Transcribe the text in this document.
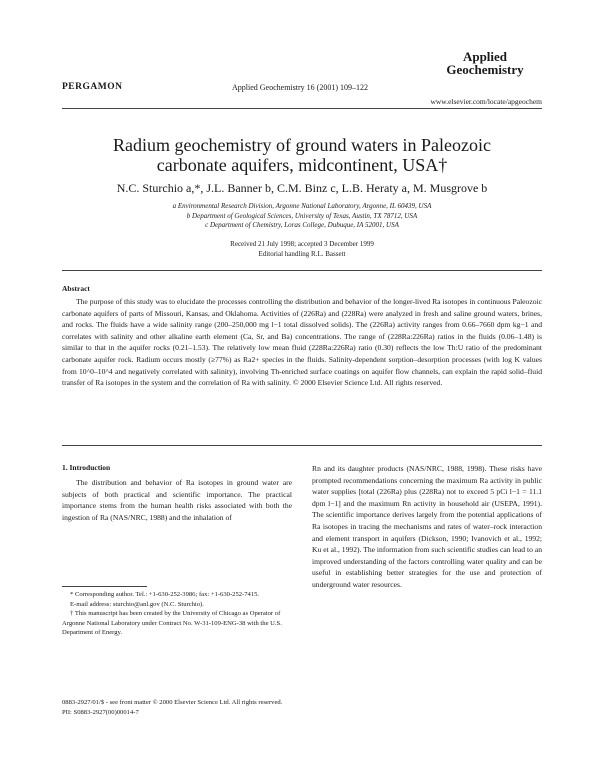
Applied
Geochemistry
PERGAMON	Applied Geochemistry 16 (2001) 109–122
www.elsevier.com/locate/apgeochem
Radium geochemistry of ground waters in Paleozoic
carbonate aquifers, midcontinent, USA†
N.C. Sturchio a,*, J.L. Banner b, C.M. Binz c, L.B. Heraty a, M. Musgrove b
a Environmental Research Division, Argonne National Laboratory, Argonne, IL 60439, USA
b Department of Geological Sciences, University of Texas, Austin, TX 78712, USA
c Department of Chemistry, Loras College, Dubuque, IA 52001, USA
Received 21 July 1998; accepted 3 December 1999
Editorial handling R.L. Bassett
Abstract

The purpose of this study was to elucidate the processes controlling the distribution and behavior of the longer-lived Ra isotopes in continuous Paleozoic carbonate aquifers of parts of Missouri, Kansas, and Oklahoma. Activities of (226Ra) and (228Ra) were analyzed in fresh and saline ground waters, brines, and rocks. The fluids have a wide salinity range (200–250,000 mg l−1 total dissolved solids). The (226Ra) activity ranges from 0.66–7660 dpm kg−1 and correlates with salinity and other alkaline earth element (Ca, Sr, and Ba) concentrations. The range of (228Ra:226Ra) ratios in the fluids (0.06–1.48) is similar to that in the aquifer rocks (0.21–1.53). The relatively low mean fluid (228Ra:226Ra) ratio (0.30) reflects the low Th:U ratio of the predominant carbonate aquifer rock. Radium occurs mostly (≥77%) as Ra2+ species in the fluids. Salinity-dependent sorption–desorption processes (with log K values from 10^0–10^4 and negatively correlated with salinity), involving Th-enriched surface coatings on aquifer flow channels, can explain the rapid solid–fluid transfer of Ra isotopes in the system and the correlation of Ra with salinity. © 2000 Elsevier Science Ltd. All rights reserved.

1. Introduction

The distribution and behavior of Ra isotopes in ground water are subjects of both practical and scientific importance. The practical importance stems from the human health risks associated with both the ingestion of Ra (NAS/NRC, 1988) and the inhalation of

Rn and its daughter products (NAS/NRC, 1988, 1998). These risks have prompted recommendations concerning the maximum Ra activity in public water supplies [total (226Ra) plus (228Ra) not to exceed 5 pCi l−1 = 11.1 dpm l−1] and the maximum Rn activity in household air (USEPA, 1991). The scientific importance derives largely from the potential applications of Ra isotopes in tracing the mechanisms and rates of water–rock interaction and element transport in aquifers (Dickson, 1990; Ivanovich et al., 1992; Ku et al., 1992). The information from such scientific studies can lead to an improved understanding of the factors controlling water quality and can be useful in establishing better strategies for the use and protection of underground water resources.

* Corresponding author. Tel.: +1-630-252-3986; fax: +1-630-252-7415.

E-mail address: sturchio@anl.gov (N.C. Sturchio).

† This manuscript has been created by the University of Chicago as Operator of Argonne National Laboratory under Contract No. W-31-109-ENG-38 with the U.S. Department of Energy.

0883-2927/01/$ - see front matter © 2000 Elsevier Science Ltd. All rights reserved.
PII: S0883-2927(00)00014-7
